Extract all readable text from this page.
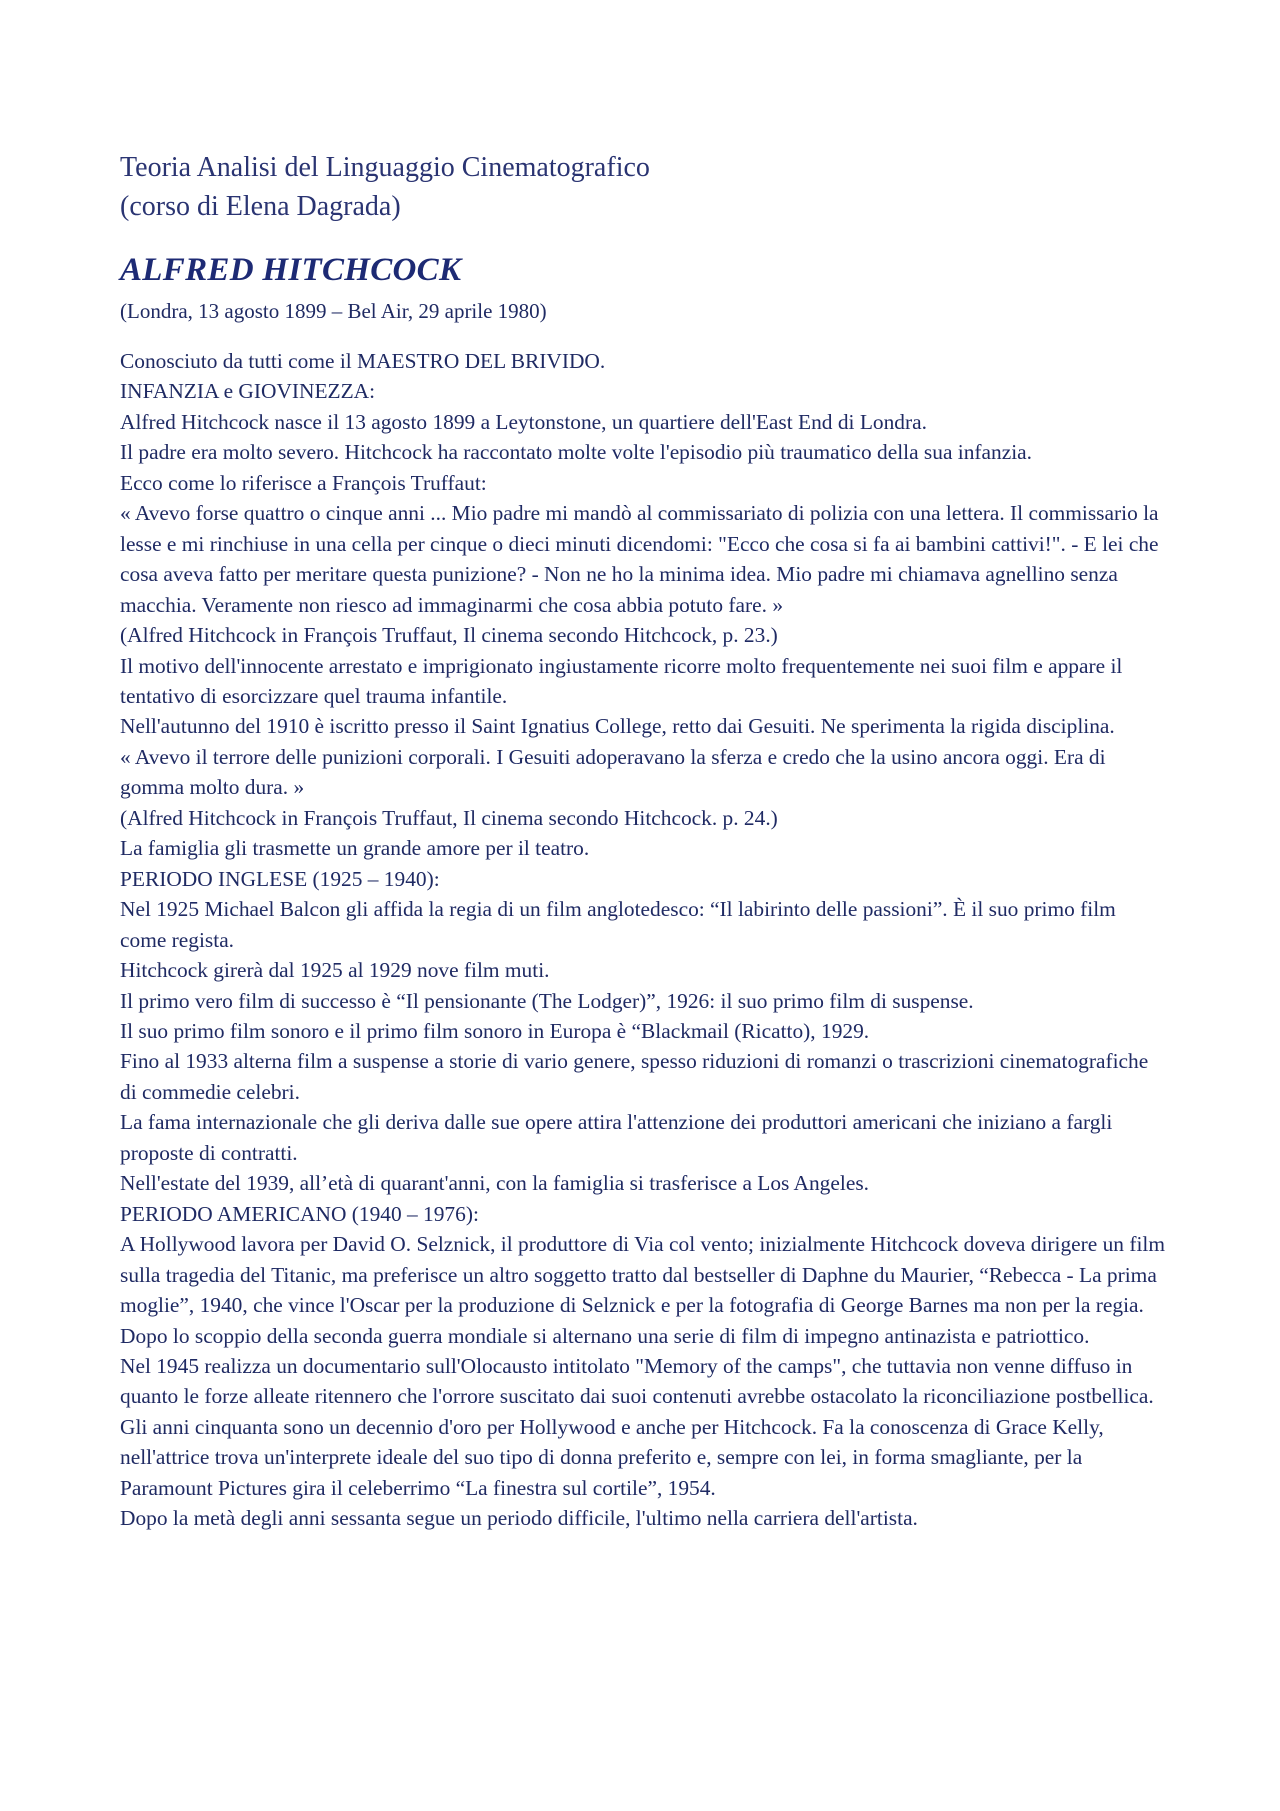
Teoria Analisi del Linguaggio Cinematografico
(corso di Elena Dagrada)
ALFRED HITCHCOCK
(Londra, 13 agosto 1899 – Bel Air, 29 aprile 1980)

Conosciuto da tutti come il MAESTRO DEL BRIVIDO.

INFANZIA e GIOVINEZZA:

Alfred Hitchcock nasce il 13 agosto 1899 a Leytonstone, un quartiere dell'East End di Londra.

Il padre era molto severo. Hitchcock ha raccontato molte volte l'episodio più traumatico della sua infanzia.

Ecco come lo riferisce a François Truffaut:

« Avevo forse quattro o cinque anni ... Mio padre mi mandò al commissariato di polizia con una lettera. Il commissario la lesse e mi rinchiuse in una cella per cinque o dieci minuti dicendomi: "Ecco che cosa si fa ai bambini cattivi!". - E lei che cosa aveva fatto per meritare questa punizione? - Non ne ho la minima idea. Mio padre mi chiamava agnellino senza macchia. Veramente non riesco ad immaginarmi che cosa abbia potuto fare. »

(Alfred Hitchcock in François Truffaut, Il cinema secondo Hitchcock, p. 23.)

Il motivo dell'innocente arrestato e imprigionato ingiustamente ricorre molto frequentemente nei suoi film e appare il tentativo di esorcizzare quel trauma infantile.

Nell'autunno del 1910 è iscritto presso il Saint Ignatius College, retto dai Gesuiti. Ne sperimenta la rigida disciplina.

« Avevo il terrore delle punizioni corporali. I Gesuiti adoperavano la sferza e credo che la usino ancora oggi. Era di gomma molto dura. »

(Alfred Hitchcock in François Truffaut, Il cinema secondo Hitchcock. p. 24.)

La famiglia gli trasmette un grande amore per il teatro.

PERIODO INGLESE (1925 – 1940):

Nel 1925 Michael Balcon gli affida la regia di un film anglotedesco: “Il labirinto delle passioni”. È il suo primo film come regista.

Hitchcock girerà dal 1925 al 1929 nove film muti.

Il primo vero film di successo è “Il pensionante (The Lodger)”, 1926: il suo primo film di suspense.

Il suo primo film sonoro e il primo film sonoro in Europa è “Blackmail (Ricatto), 1929.

Fino al 1933 alterna film a suspense a storie di vario genere, spesso riduzioni di romanzi o trascrizioni cinematografiche di commedie celebri.

La fama internazionale che gli deriva dalle sue opere attira l'attenzione dei produttori americani che iniziano a fargli proposte di contratti.

Nell'estate del 1939, all’età di quarant'anni, con la famiglia si trasferisce a Los Angeles.

PERIODO AMERICANO (1940 – 1976):

A Hollywood lavora per David O. Selznick, il produttore di Via col vento; inizialmente Hitchcock doveva dirigere un film sulla tragedia del Titanic, ma preferisce un altro soggetto tratto dal bestseller di Daphne du Maurier, “Rebecca - La prima moglie”, 1940, che vince l'Oscar per la produzione di Selznick e per la fotografia di George Barnes ma non per la regia.

Dopo lo scoppio della seconda guerra mondiale si alternano una serie di film di impegno antinazista e patriottico.

Nel 1945 realizza un documentario sull'Olocausto intitolato "Memory of the camps", che tuttavia non venne diffuso in quanto le forze alleate ritennero che l'orrore suscitato dai suoi contenuti avrebbe ostacolato la riconciliazione postbellica.

Gli anni cinquanta sono un decennio d'oro per Hollywood e anche per Hitchcock. Fa la conoscenza di Grace Kelly, nell'attrice trova un'interprete ideale del suo tipo di donna preferito e, sempre con lei, in forma smagliante, per la Paramount Pictures gira il celeberrimo “La finestra sul cortile”, 1954.

Dopo la metà degli anni sessanta segue un periodo difficile, l'ultimo nella carriera dell'artista.
